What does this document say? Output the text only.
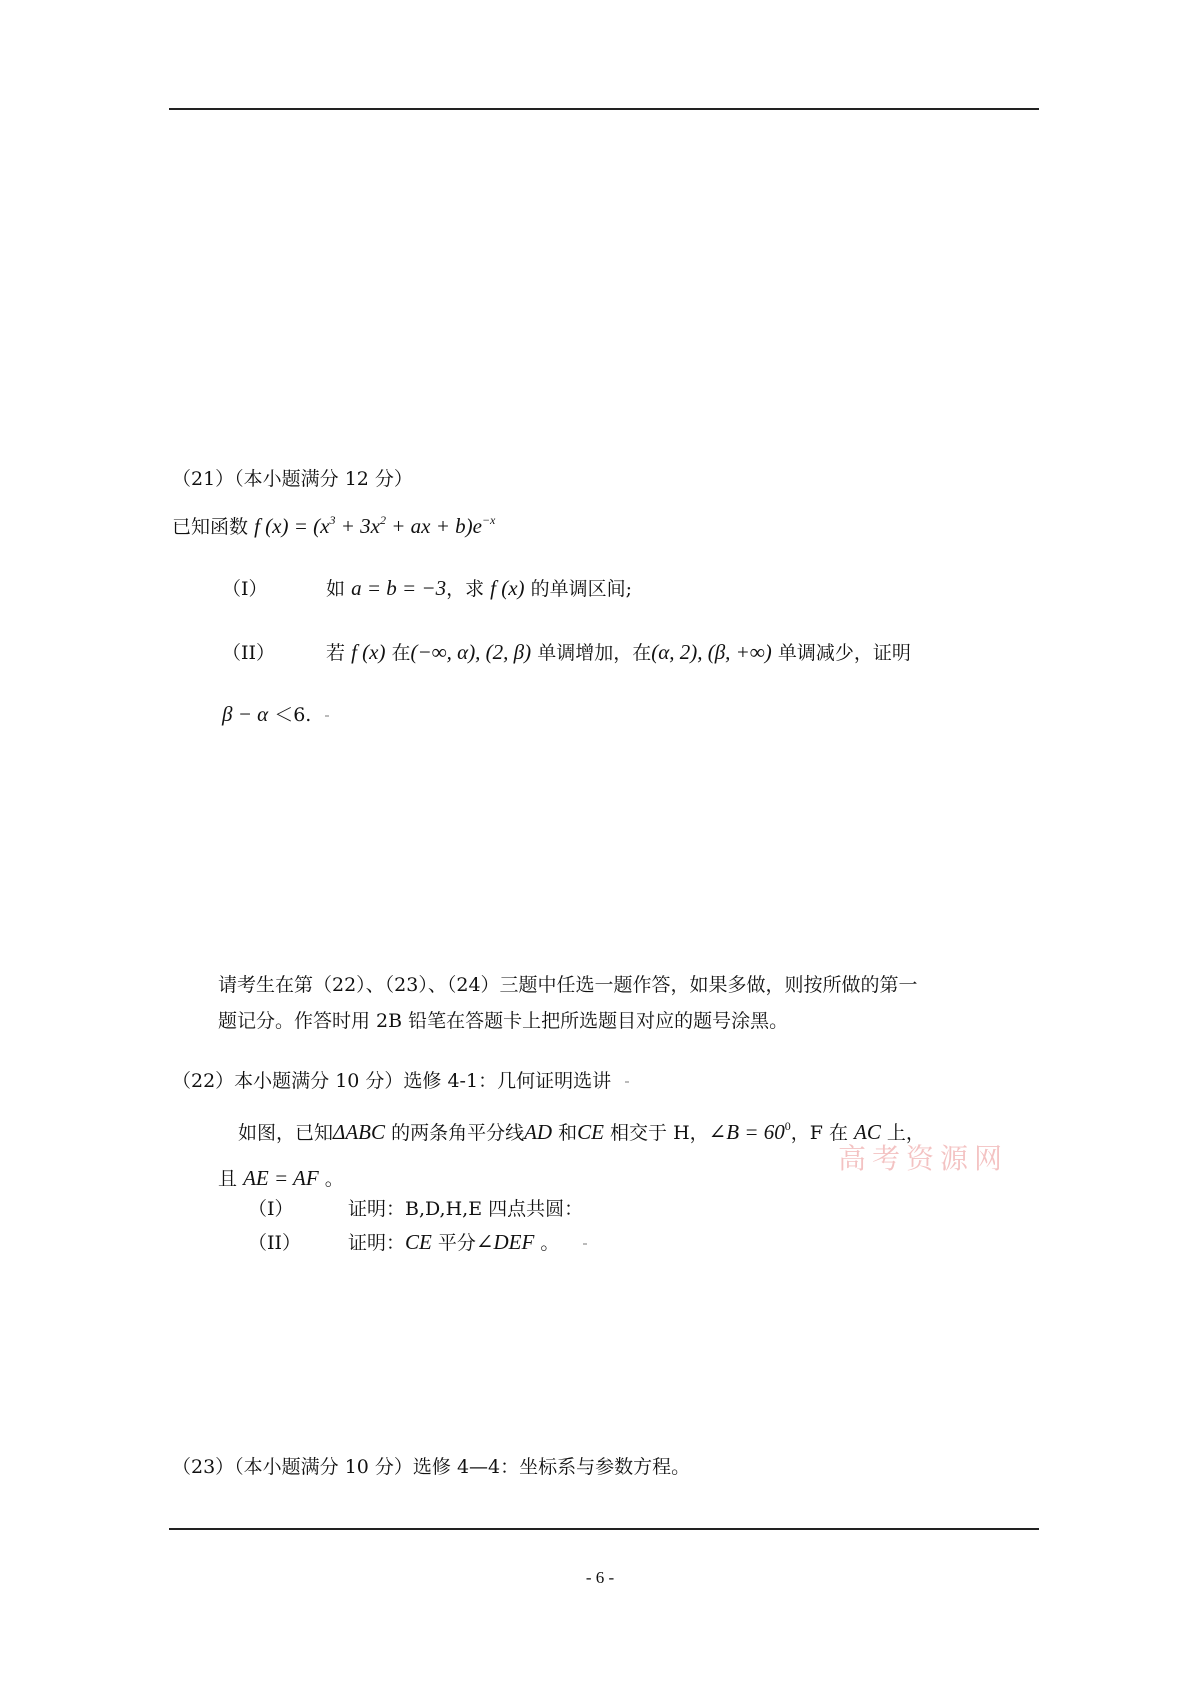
（21）（本小题满分 12 分）
已知函数 f $(x) = (x^3 + 3x^2$ + ax + $b)e^{-x}$
（I）	如 a = b = −3，求 f (x) 的单调区间;
（II）	若 f (x) 在(−∞, α), (2, β) 单调增加，在(α, 2), (β, +∞) 单调减少，证明
β − α ＜6.
请考生在第（22）、（23）、（24）三题中任选一题作答，如果多做，则按所做的第一
题记分。作答时用 2B 铅笔在答题卡上把所选题目对应的题号涂黑。
（22）本小题满分 10 分）选修 4-1：几何证明选讲
如图，已知ΔABC 的两条角平分线AD 和CE 相交于 H，∠B = $60^0$，F 在 AC 上，
高考资源网
且 AE = AF 。
（I）	证明：B,D,H,E 四点共圆：
（II） 证明：CE 平分∠DEF 。
（23）（本小题满分 10 分）选修 4—4：坐标系与参数方程。
- 6 -
